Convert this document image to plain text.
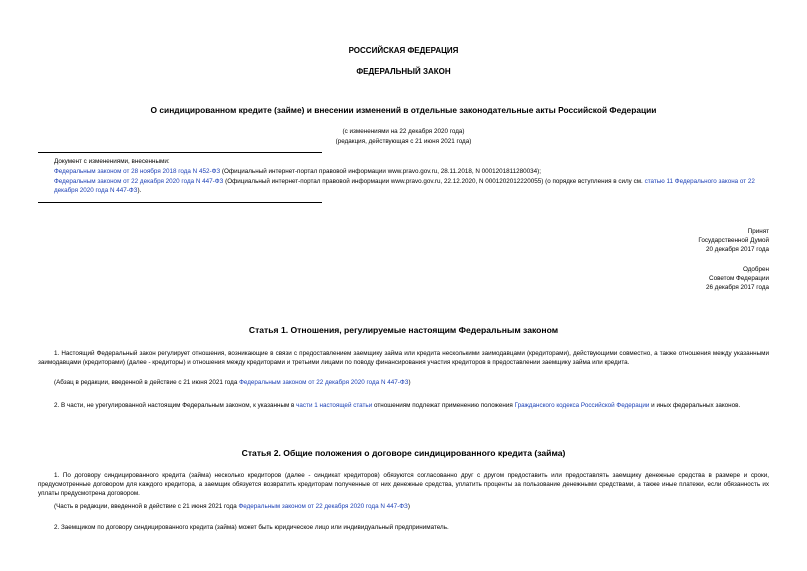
РОССИЙСКАЯ ФЕДЕРАЦИЯ
ФЕДЕРАЛЬНЫЙ ЗАКОН
О синдицированном кредите (займе) и внесении изменений в отдельные законодательные акты Российской Федерации
(с изменениями на 22 декабря 2020 года)
(редакция, действующая с 21 июня 2021 года)
Документ с изменениями, внесенными:
Федеральным законом от 28 ноября 2018 года N 452-ФЗ (Официальный интернет-портал правовой информации www.pravo.gov.ru, 28.11.2018, N 0001201811280034);
Федеральным законом от 22 декабря 2020 года N 447-ФЗ (Официальный интернет-портал правовой информации www.pravo.gov.ru, 22.12.2020, N 0001202012220055) (о порядке вступления в силу см. статью 11 Федерального закона от 22 декабря 2020 года N 447-ФЗ).
Принят
Государственной Думой
20 декабря 2017 года
Одобрен
Советом Федерации
26 декабря 2017 года
Статья 1. Отношения, регулируемые настоящим Федеральным законом
1. Настоящий Федеральный закон регулирует отношения, возникающие в связи с предоставлением заемщику займа или кредита несколькими заимодавцами (кредиторами), действующими совместно, а также отношения между указанными заимодавцами (кредиторами) (далее - кредиторы) и отношения между кредиторами и третьими лицами по поводу финансирования участия кредиторов в предоставлении заемщику займа или кредита.
(Абзац в редакции, введенной в действие с 21 июня 2021 года Федеральным законом от 22 декабря 2020 года N 447-ФЗ)
2. В части, не урегулированной настоящим Федеральным законом, к указанным в части 1 настоящей статьи отношениям подлежат применению положения Гражданского кодекса Российской Федерации и иных федеральных законов.
Статья 2. Общие положения о договоре синдицированного кредита (займа)
1. По договору синдицированного кредита (займа) несколько кредиторов (далее - синдикат кредиторов) обязуются согласованно друг с другом предоставить или предоставлять заемщику денежные средства в размере и сроки, предусмотренные договором для каждого кредитора, а заемщик обязуется возвратить кредиторам полученные от них денежные средства, уплатить проценты за пользование денежными средствами, а также иные платежи, если обязанность их уплаты предусмотрена договором.
(Часть в редакции, введенной в действие с 21 июня 2021 года Федеральным законом от 22 декабря 2020 года N 447-ФЗ)
2. Заемщиком по договору синдицированного кредита (займа) может быть юридическое лицо или индивидуальный предприниматель.
